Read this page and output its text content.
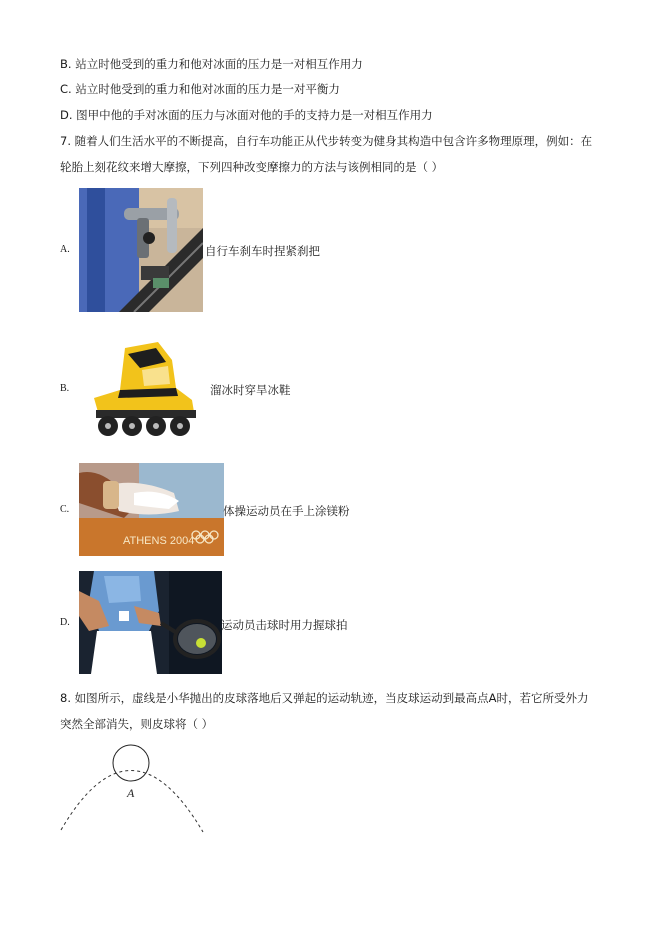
B. 站立时他受到的重力和他对冰面的压力是一对相互作用力
C. 站立时他受到的重力和他对冰面的压力是一对平衡力
D. 图甲中他的手对冰面的压力与冰面对他的手的支持力是一对相互作用力
7. 随着人们生活水平的不断提高，自行车功能正从代步转变为健身其构造中包含许多物理原理，例如：在
轮胎上刻花纹来增大摩擦，下列四种改变摩擦力的方法与该例相同的是（ ）
A.	自行车刹车时捏紧刹把
B.	溜冰时穿旱冰鞋
C.
ATHENS 2004
体操运动员在手上涂镁粉
D.	运动员击球时用力握球拍
8. 如图所示，虚线是小华抛出的皮球落地后又弹起的运动轨迹，当皮球运动到最高点A时，若它所受外力
突然全部消失，则皮球将（ ）
A
